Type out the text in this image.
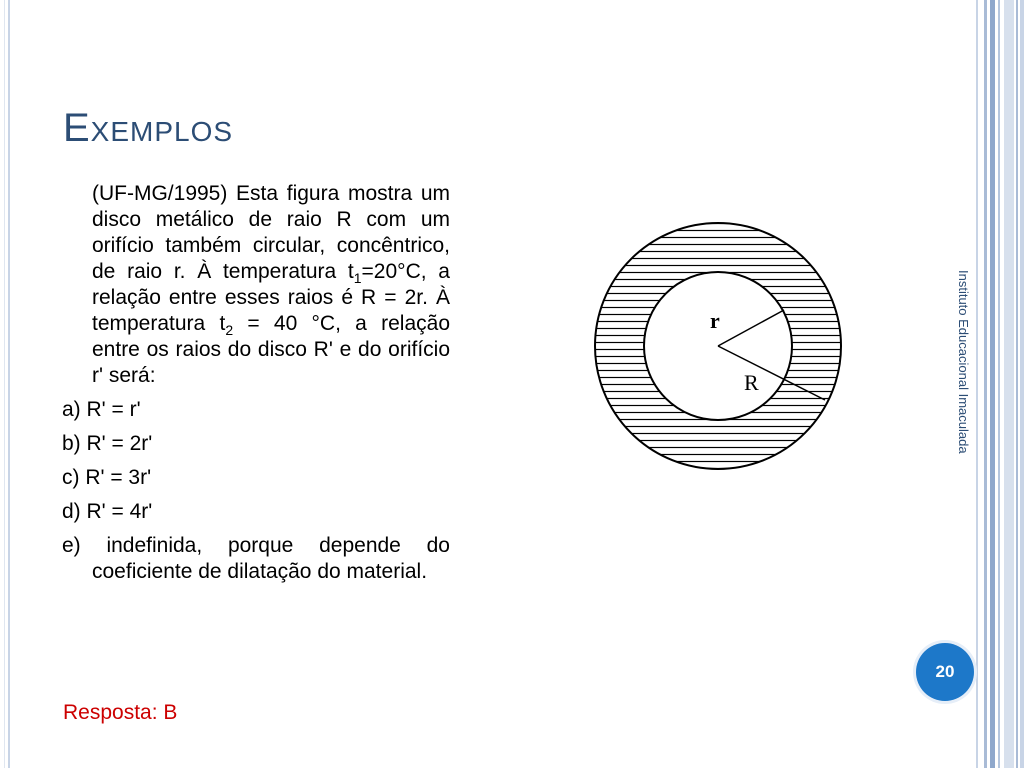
Exemplos

(UF-MG/1995) Esta figura mostra um disco metálico de raio R com um orifício também circular, concêntrico, de raio r. À temperatura $t_1=20^\circ C$, a relação entre esses raios é R = 2r. À temperatura $t_2 = 40$ °C, a relação entre os raios do disco R' e do orifício r' será:

a) R' = r'

b) R' = 2r'

c) R' = 3r'

d) R' = 4r'

e) indefinida, porque depende do coeficiente de dilatação do material.

Resposta: B
r
R	Instituto Educacional Imaculada
20
